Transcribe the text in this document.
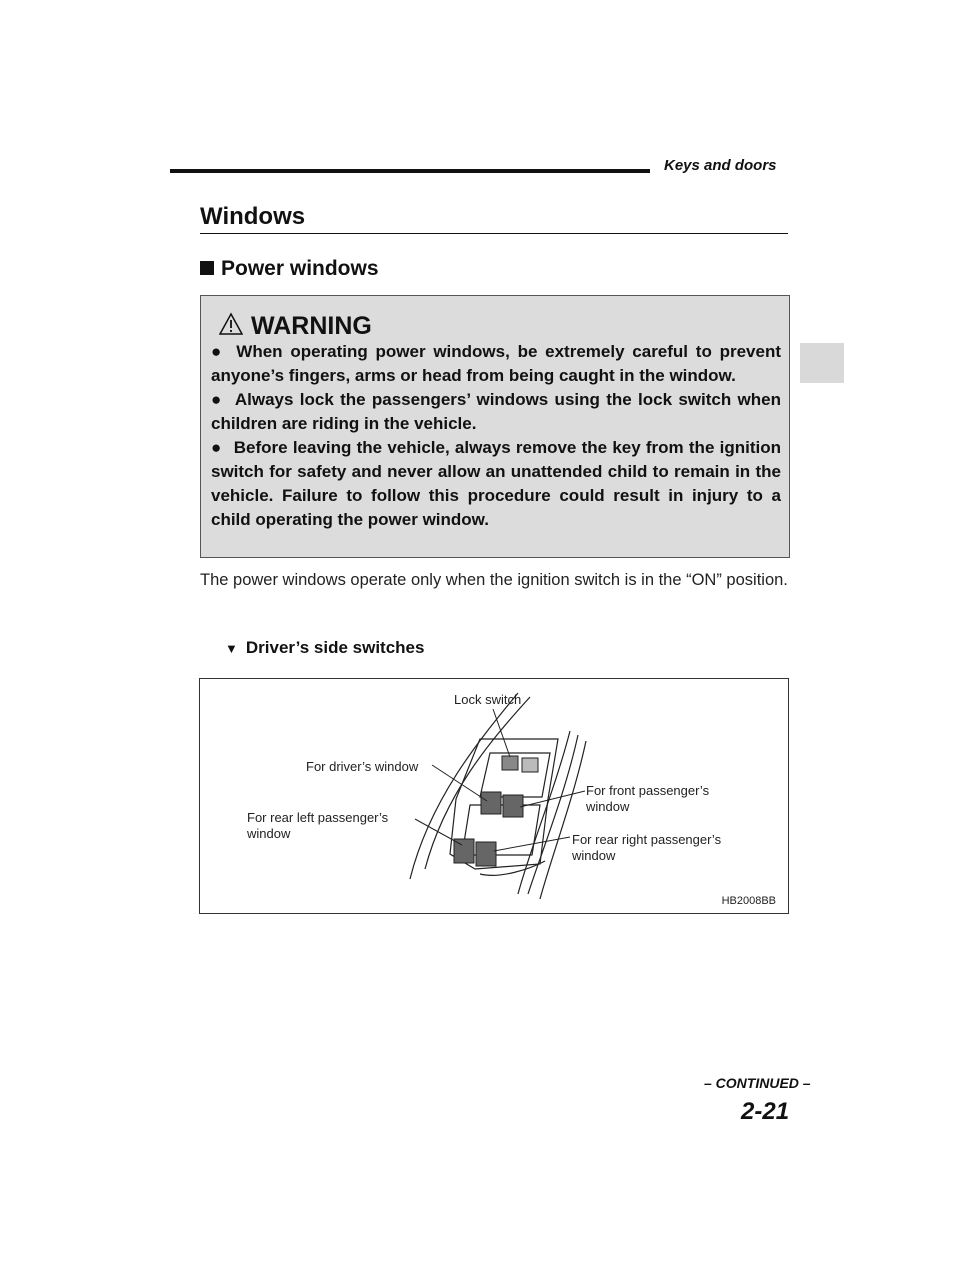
Keys and doors
Windows
Power windows
WARNING

● When operating power windows, be extremely careful to prevent anyone’s fingers, arms or head from being caught in the window.

● Always lock the passengers’ windows using the lock switch when children are riding in the vehicle.

● Before leaving the vehicle, always remove the key from the ignition switch for safety and never allow an unattended child to remain in the vehicle. Failure to follow this procedure could result in injury to a child operating the power window.

The power windows operate only when the ignition switch is in the “ON” position.

▼ Driver’s side switches
Lock switch
For driver’s window
For front passenger’s window
For rear left passenger’s window	For rear right passenger’s window
HB2008BB
– CONTINUED –
2-21
